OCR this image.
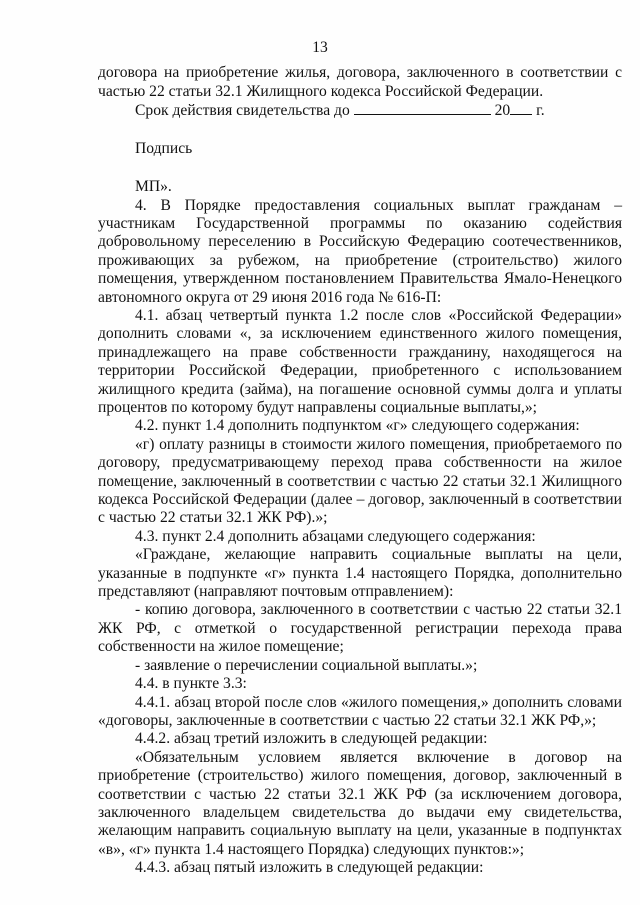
13

договора на приобретение жилья, договора, заключенного в соответствии с частью 22 статьи 32.1 Жилищного кодекса Российской Федерации.

Срок действия свидетельства до	20 г.

Подпись

МП».

4. В Порядке предоставления социальных выплат гражданам – участникам Государственной программы по оказанию содействия добровольному переселению в Российскую Федерацию соотечественников, проживающих за рубежом, на приобретение (строительство) жилого помещения, утвержденном постановлением Правительства Ямало-Ненецкого автономного округа от 29 июня 2016 года № 616-П:

4.1. абзац четвертый пункта 1.2 после слов «Российской Федерации» дополнить словами «, за исключением единственного жилого помещения, принадлежащего на праве собственности гражданину, находящегося на территории Российской Федерации, приобретенного с использованием жилищного кредита (займа), на погашение основной суммы долга и уплаты процентов по которому будут направлены социальные выплаты,»;

4.2. пункт 1.4 дополнить подпунктом «г» следующего содержания:

«г) оплату разницы в стоимости жилого помещения, приобретаемого по договору, предусматривающему переход права собственности на жилое помещение, заключенный в соответствии с частью 22 статьи 32.1 Жилищного кодекса Российской Федерации (далее – договор, заключенный в соответствии с частью 22 статьи 32.1 ЖК РФ).»;

4.3. пункт 2.4 дополнить абзацами следующего содержания:

«Граждане, желающие направить социальные выплаты на цели, указанные в подпункте «г» пункта 1.4 настоящего Порядка, дополнительно представляют (направляют почтовым отправлением):

- копию договора, заключенного в соответствии с частью 22 статьи 32.1 ЖК РФ, с отметкой о государственной регистрации перехода права собственности на жилое помещение;

- заявление о перечислении социальной выплаты.»;

4.4. в пункте 3.3:

4.4.1. абзац второй после слов «жилого помещения,» дополнить словами «договоры, заключенные в соответствии с частью 22 статьи 32.1 ЖК РФ,»;

4.4.2. абзац третий изложить в следующей редакции:

«Обязательным условием является включение в договор на приобретение (строительство) жилого помещения, договор, заключенный в соответствии с частью 22 статьи 32.1 ЖК РФ (за исключением договора, заключенного владельцем свидетельства до выдачи ему свидетельства, желающим направить социальную выплату на цели, указанные в подпунктах «в», «г» пункта 1.4 настоящего Порядка) следующих пунктов:»;

4.4.3. абзац пятый изложить в следующей редакции:
